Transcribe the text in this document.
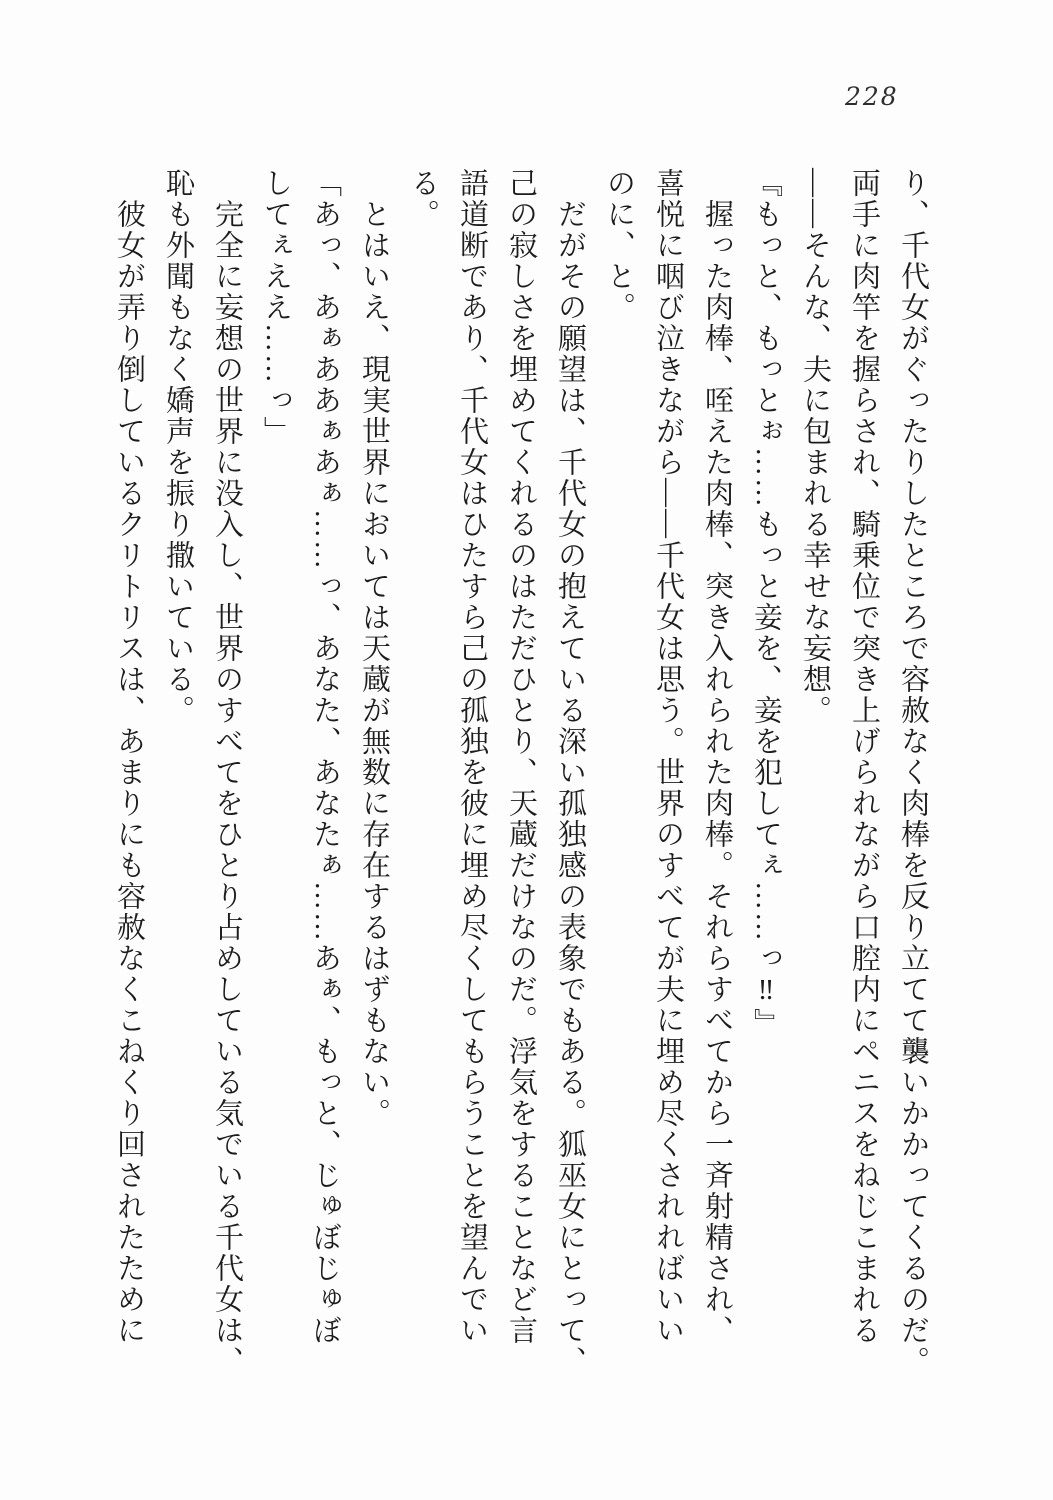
228
り、千代女がぐったりしたところで容赦なく肉棒を反り立てて襲いかかってくるのだ。
両手に肉竿を握らされ、騎乗位で突き上げられながら口腔内にペニスをねじこまれる
――そんな、夫に包まれる幸せな妄想。
『もっと、もっとぉ……もっと妾を、妾を犯してぇ……っ‼』
握った肉棒、咥えた肉棒、突き入れられた肉棒。それらすべてから一斉射精され、
喜悦に咽び泣きながら――千代女は思う。世界のすべてが夫に埋め尽くされればいい
のに、と。
だがその願望は、千代女の抱えている深い孤独感の表象でもある。狐巫女にとって、
己の寂しさを埋めてくれるのはただひとり、天蔵だけなのだ。浮気をすることなど言
語道断であり、千代女はひたすら己の孤独を彼に埋め尽くしてもらうことを望んでい
る。
とはいえ、現実世界においては天蔵が無数に存在するはずもない。
「あっ、あぁああぁあぁ……っ、あなた、あなたぁ……あぁ、もっと、じゅぼじゅぼ
してぇええ……っ」
完全に妄想の世界に没入し、世界のすべてをひとり占めしている気でいる千代女は、
恥も外聞もなく嬌声を振り撒いている。
彼女が弄り倒しているクリトリスは、あまりにも容赦なくこねくり回されたために
